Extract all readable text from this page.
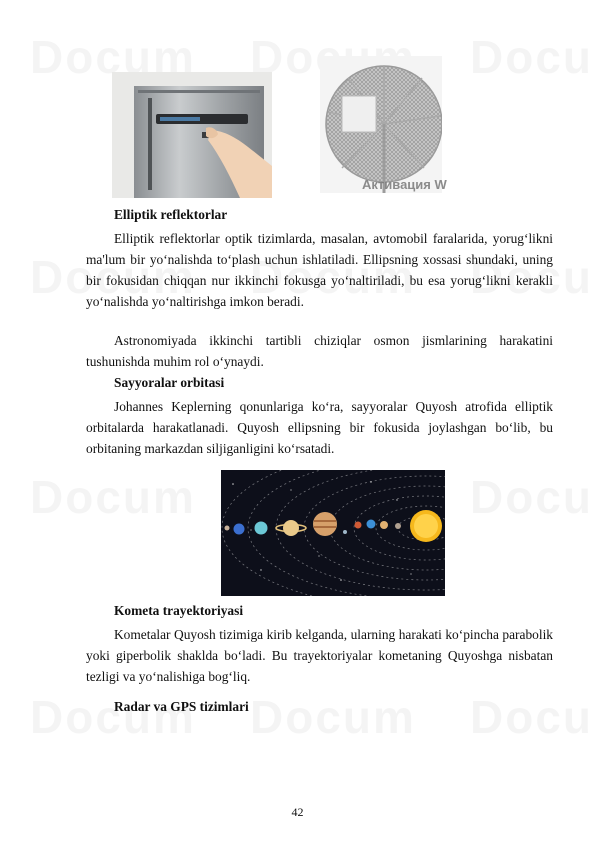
Активация W
Elliptik reflektorlar

Elliptik reflektorlar optik tizimlarda, masalan, avtomobil faralarida, yorug‘likni ma'lum bir yo‘nalishda to‘plash uchun ishlatiladi. Ellipsning xossasi shundaki, uning bir fokusidan chiqqan nur ikkinchi fokusga yo‘naltiriladi, bu esa yorug‘likni kerakli yo‘nalishda yo‘naltirishga imkon beradi.

Astronomiyada ikkinchi tartibli chiziqlar osmon jismlarining harakatini tushunishda muhim rol o‘ynaydi.

Sayyoralar orbitasi

Johannes Keplerning qonunlariga ko‘ra, sayyoralar Quyosh atrofida elliptik orbitalarda harakatlanadi. Quyosh ellipsning bir fokusida joylashgan bo‘lib, bu orbitaning markazdan siljiganligini ko‘rsatadi.

Kometa trayektoriyasi

Kometalar Quyosh tizimiga kirib kelganda, ularning harakati ko‘pincha parabolik yoki giperbolik shaklda bo‘ladi. Bu trayektoriyalar kometaning Quyoshga nisbatan tezligi va yo‘nalishiga bog‘liq.

Radar va GPS tizimlari
42
